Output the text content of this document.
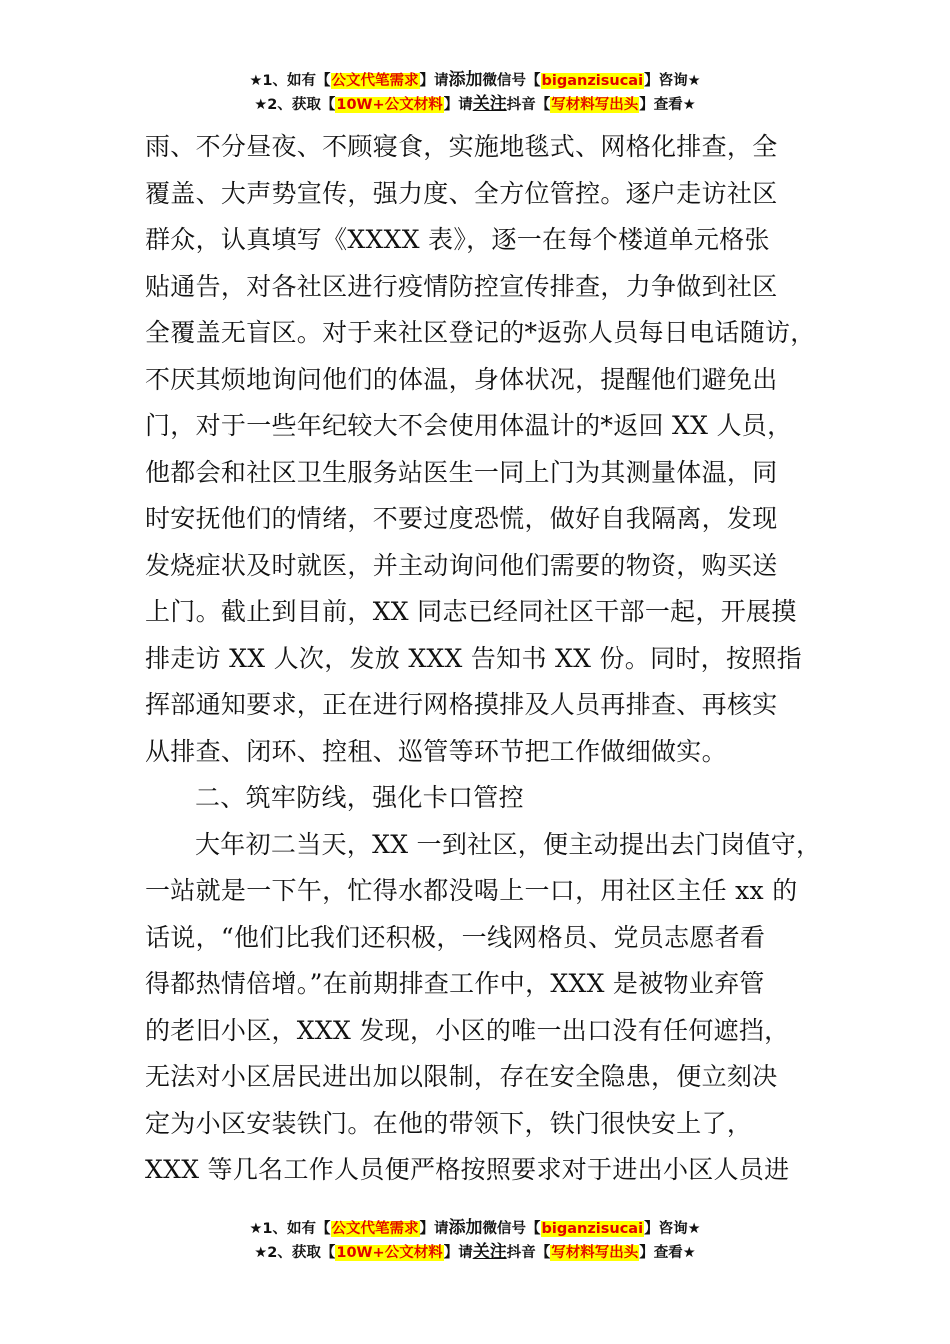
★1、如有【公文代笔需求】请添加微信号【biganzisucai】咨询★
★2、获取【10W+公文材料】请关注抖音【写材料写出头】查看★
雨、不分昼夜、不顾寝食，实施地毯式、网格化排查，全
覆盖、大声势宣传，强力度、全方位管控。逐户走访社区
群众，认真填写《XXXX 表》，逐一在每个楼道单元格张
贴通告，对各社区进行疫情防控宣传排查，力争做到社区
全覆盖无盲区。对于来社区登记的*返弥人员每日电话随访，
不厌其烦地询问他们的体温，身体状况，提醒他们避免出
门，对于一些年纪较大不会使用体温计的*返回 XX 人员，
他都会和社区卫生服务站医生一同上门为其测量体温，同
时安抚他们的情绪，不要过度恐慌，做好自我隔离，发现
发烧症状及时就医，并主动询问他们需要的物资，购买送
上门。截止到目前，XX 同志已经同社区干部一起，开展摸
排走访 XX 人次，发放 XXX 告知书 XX 份。同时，按照指
挥部通知要求，正在进行网格摸排及人员再排查、再核实
从排查、闭环、控租、巡管等环节把工作做细做实。
二、筑牢防线，强化卡口管控
大年初二当天，XX 一到社区，便主动提出去门岗值守，
一站就是一下午，忙得水都没喝上一口，用社区主任 xx 的
话说，“他们比我们还积极，一线网格员、党员志愿者看
得都热情倍增。”在前期排查工作中，XXX 是被物业弃管
的老旧小区，XXX 发现，小区的唯一出口没有任何遮挡，
无法对小区居民进出加以限制，存在安全隐患，便立刻决
定为小区安装铁门。在他的带领下，铁门很快安上了，
XXX 等几名工作人员便严格按照要求对于进出小区人员进
★1、如有【公文代笔需求】请添加微信号【biganzisucai】咨询★
★2、获取【10W+公文材料】请关注抖音【写材料写出头】查看★
